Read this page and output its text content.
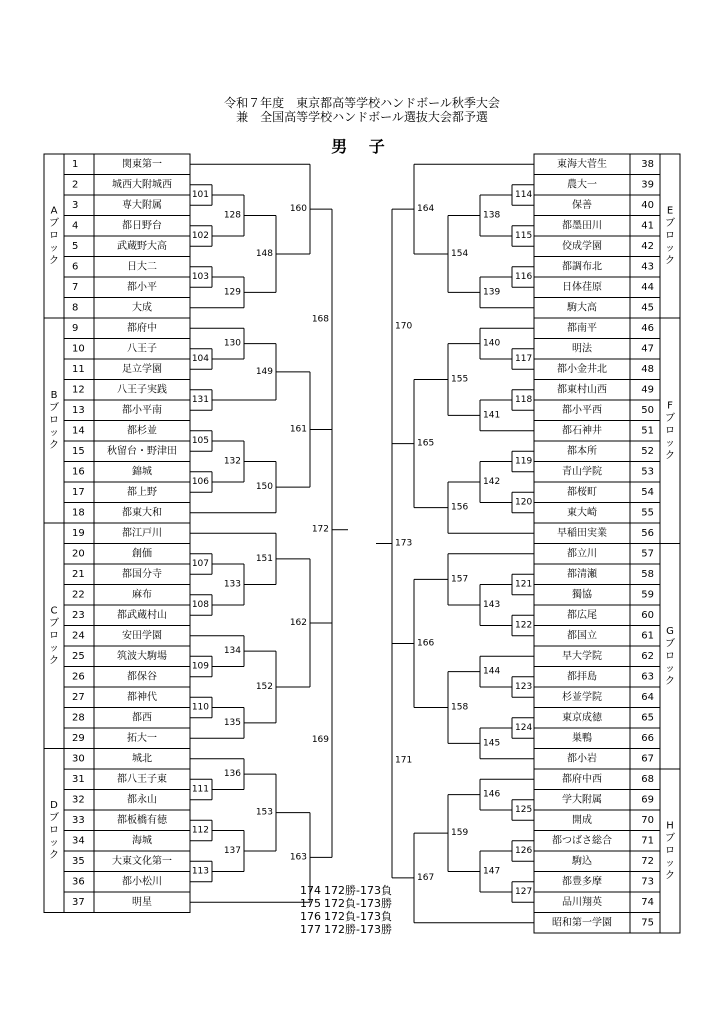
令和７年度　東京都高等学校ハンドボール秋季大会
兼　全国高等学校ハンドボール選抜大会都予選
男 子
1	関東第一
2	城西大附城西
3	専大附属
4	都日野台
5	武蔵野大高
6	日大二
7	都小平
8	大成
9	都府中
10	八王子
11	足立学園
12	八王子実践
13	都小平南
14	都杉並
15 秋留台・野津田
16	錦城
17	都上野
18	都東大和
19	都江戸川
20	創価
21	都国分寺
22	麻布
23	都武蔵村山
24	安田学園
25	筑波大駒場
26	都保谷
27	都神代
28	都西
29	拓大一
30	城北
31	都八王子東
32	都永山
33	都板橋有徳
34	海城
35	大東文化第一
36	都小松川
37	明星
A
ブ
ロ
ッ
ク
B
ブ
ロ
ッ
ク
C
ブ
ロ
ッ
ク
D
ブ
ロ
ッ
ク
東海大菅生	38
農大一	39
保善	40
都墨田川	41
佼成学園	42
都調布北	43
日体荏原	44
駒大高	45
都南平	46
明法	47
都小金井北	48
都東村山西	49
都小平西	50
都石神井	51
都本所	52
青山学院	53
都桜町	54
東大崎	55
早稲田実業	56
都立川	57
都清瀬	58
獨協	59
都広尾	60
都国立	61
早大学院	62
都拝島	63
杉並学院	64
東京成徳	65
巣鴨	66
都小岩	67
都府中西	68
学大附属	69
開成	70
都つばさ総合	71
駒込	72
都豊多摩	73
品川翔英	74
昭和第一学園	75
E
ブ
ロ
ッ
ク
F
ブ
ロ
ッ
ク
G
ブ
ロ
ッ
ク
H
ブ
ロ
ッ
ク
101
102
103
104
105
106
107
108
109
110
111
112
113
128
129
130
131
132
133
134
135
136
137
148
149
150
151
152
153
160
161
162
163
168
169
172
114
115
116
117
118
119
120
121
122
123
124
125
126
127
138
139
140
141
142
143
144
145
146
147
154
155
156
157
158
159
164
165
166
167
170
171
173
174 172勝-173負
175 172負-173勝
176 172負-173負
177 172勝-173勝
